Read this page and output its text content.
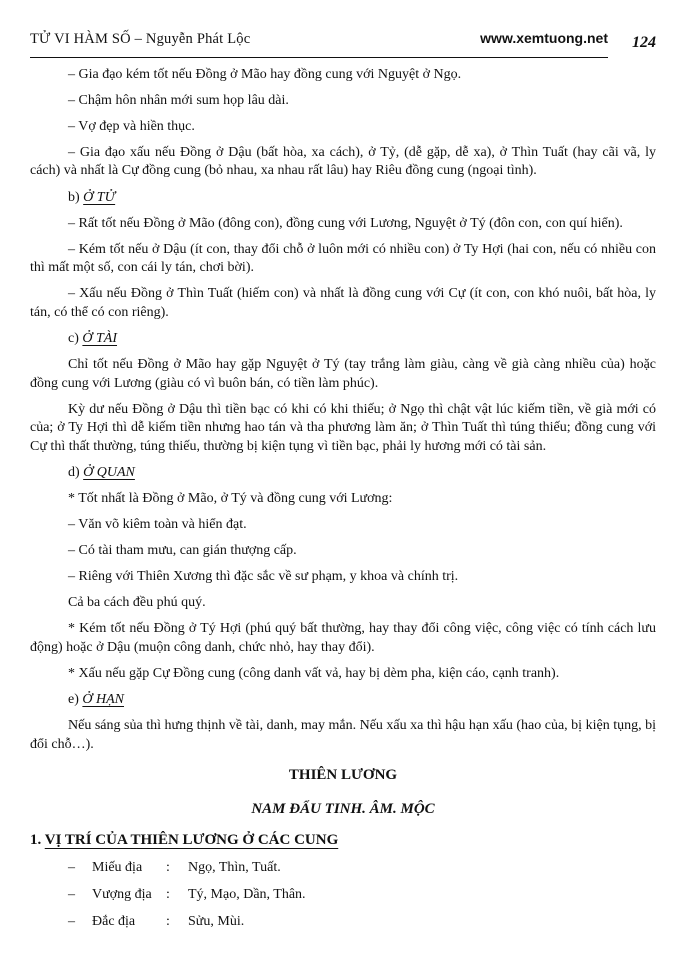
TỬ VI HÀM SỐ – Nguyễn Phát Lộc	www.xemtuong.net	124

– Gia đạo kém tốt nếu Đồng ở Mão hay đồng cung với Nguyệt ở Ngọ.

– Chậm hôn nhân mới sum họp lâu dài.

– Vợ đẹp và hiền thục.

– Gia đạo xấu nếu Đồng ở Dậu (bất hòa, xa cách), ở Tỷ, (dễ gặp, dễ xa), ở Thìn Tuất (hay cãi vã, ly cách) và nhất là Cự đồng cung (bỏ nhau, xa nhau rất lâu) hay Riêu đồng cung (ngoại tình).

b) Ở TỬ

– Rất tốt nếu Đồng ở Mão (đông con), đồng cung với Lương, Nguyệt ở Tý (đôn con, con quí hiển).

– Kém tốt nếu ở Dậu (ít con, thay đổi chỗ ở luôn mới có nhiều con) ở Ty Hợi (hai con, nếu có nhiều con thì mất một số, con cái ly tán, chơi bời).

– Xấu nếu Đồng ở Thìn Tuất (hiếm con) và nhất là đồng cung với Cự (ít con, con khó nuôi, bất hòa, ly tán, có thể có con riêng).

c) Ở TÀI

Chỉ tốt nếu Đồng ở Mão hay gặp Nguyệt ở Tý (tay trắng làm giàu, càng về già càng nhiều của) hoặc đồng cung với Lương (giàu có vì buôn bán, có tiền làm phúc).

Kỳ dư nếu Đồng ở Dậu thì tiền bạc có khi có khi thiếu; ở Ngọ thì chật vật lúc kiếm tiền, về già mới có của; ở Ty Hợi thì dễ kiếm tiền nhưng hao tán và tha phương làm ăn; ở Thìn Tuất thì túng thiếu; đồng cung với Cự thì thất thường, túng thiếu, thường bị kiện tụng vì tiền bạc, phải ly hương mới có tài sản.

d) Ở QUAN

* Tốt nhất là Đồng ở Mão, ở Tý và đồng cung với Lương:

– Văn võ kiêm toàn và hiển đạt.

– Có tài tham mưu, can gián thượng cấp.

– Riêng với Thiên Xương thì đặc sắc về sư phạm, y khoa và chính trị.

Cả ba cách đều phú quý.

* Kém tốt nếu Đồng ở Tý Hợi (phú quý bất thường, hay thay đổi công việc, công việc có tính cách lưu động) hoặc ở Dậu (muộn công danh, chức nhỏ, hay thay đổi).

* Xấu nếu gặp Cự Đồng cung (công danh vất vả, hay bị dèm pha, kiện cáo, cạnh tranh).

e) Ở HẠN

Nếu sáng sủa thì hưng thịnh về tài, danh, may mắn. Nếu xấu xa thì hậu hạn xấu (hao của, bị kiện tụng, bị đổi chỗ…).

THIÊN LƯƠNG

NAM ĐẨU TINH. ÂM. MỘC

1. VỊ TRÍ CỦA THIÊN LƯƠNG Ở CÁC CUNG

–	Miếu địa	:	Ngọ, Thìn, Tuất.
–	Vượng địa	:	Tý, Mạo, Dần, Thân.
–	Đắc địa	:	Sửu, Mùi.
